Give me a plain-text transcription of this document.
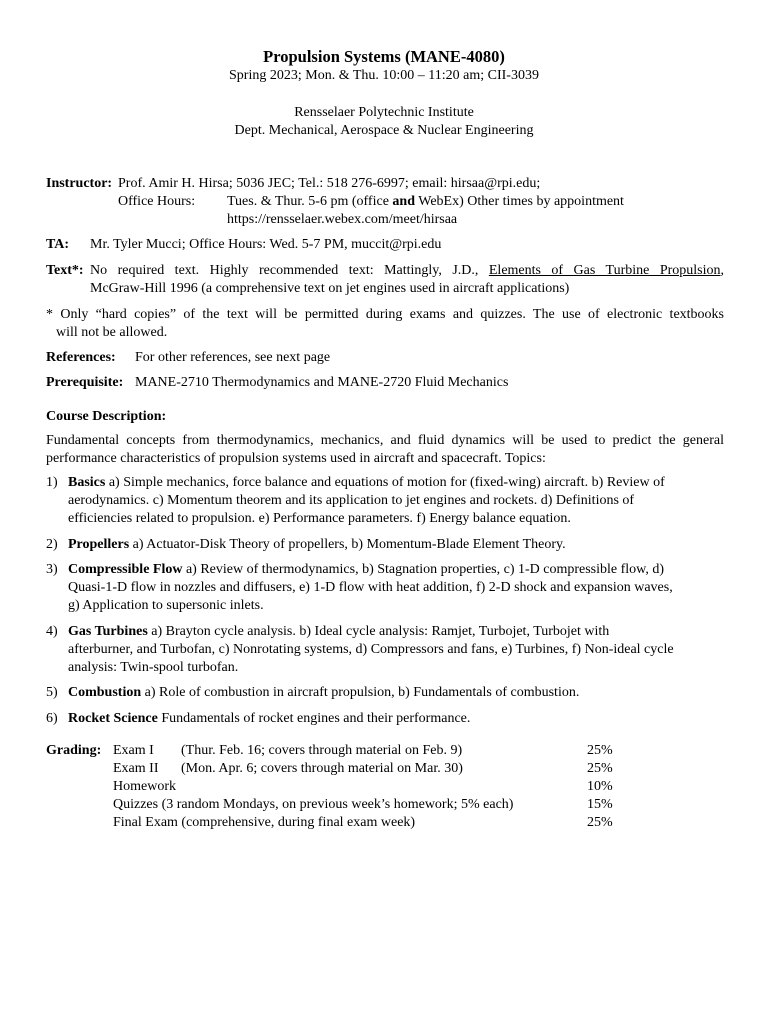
Propulsion Systems (MANE-4080)
Spring 2023; Mon. & Thu. 10:00 – 11:20 am; CII-3039
Rensselaer Polytechnic Institute
Dept. Mechanical, Aerospace & Nuclear Engineering
Instructor: Prof. Amir H. Hirsa; 5036 JEC; Tel.: 518 276-6997; email: hirsaa@rpi.edu;
Office Hours: Tues. & Thur. 5-6 pm (office and WebEx) Other times by appointment
https://rensselaer.webex.com/meet/hirsaa
TA: Mr. Tyler Mucci; Office Hours: Wed. 5-7 PM, muccit@rpi.edu
Text*: No required text. Highly recommended text: Mattingly, J.D., Elements of Gas Turbine Propulsion,
McGraw-Hill 1996 (a comprehensive text on jet engines used in aircraft applications)
* Only “hard copies” of the text will be permitted during exams and quizzes. The use of electronic textbooks
will not be allowed.
References: For other references, see next page
Prerequisite: MANE-2710 Thermodynamics and MANE-2720 Fluid Mechanics
Course Description:
Fundamental concepts from thermodynamics, mechanics, and fluid dynamics will be used to predict the general
performance characteristics of propulsion systems used in aircraft and spacecraft. Topics:
1) Basics a) Simple mechanics, force balance and equations of motion for (fixed-wing) aircraft. b) Review of
aerodynamics. c) Momentum theorem and its application to jet engines and rockets. d) Definitions of
efficiencies related to propulsion. e) Performance parameters. f) Energy balance equation.
2) Propellers a) Actuator-Disk Theory of propellers, b) Momentum-Blade Element Theory.
3) Compressible Flow a) Review of thermodynamics, b) Stagnation properties, c) 1-D compressible flow, d)
Quasi-1-D flow in nozzles and diffusers, e) 1-D flow with heat addition, f) 2-D shock and expansion waves,
g) Application to supersonic inlets.
4) Gas Turbines a) Brayton cycle analysis. b) Ideal cycle analysis: Ramjet, Turbojet, Turbojet with
afterburner, and Turbofan, c) Nonrotating systems, d) Compressors and fans, e) Turbines, f) Non-ideal cycle
analysis: Twin-spool turbofan.
5) Combustion a) Role of combustion in aircraft propulsion, b) Fundamentals of combustion.
6) Rocket Science Fundamentals of rocket engines and their performance.
Grading: Exam I (Thur. Feb. 16; covers through material on Feb. 9)	25%
Exam II (Mon. Apr. 6; covers through material on Mar. 30)	25%
Homework	10%
Quizzes (3 random Mondays, on previous week’s homework; 5% each)	15%
Final Exam (comprehensive, during final exam week)	25%
